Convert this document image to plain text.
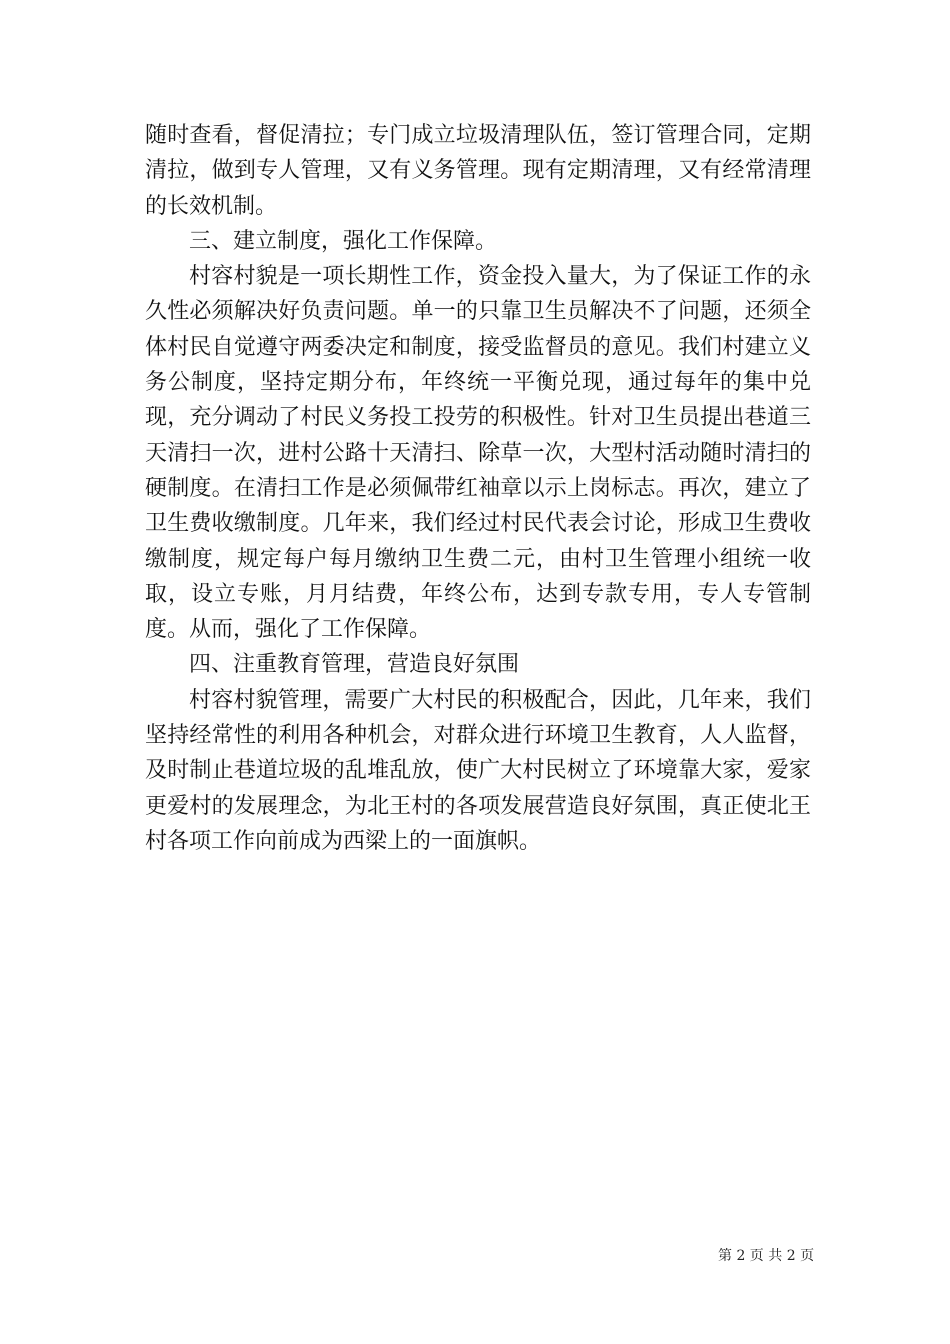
随时查看，督促清拉；专门成立垃圾清理队伍，签订管理合同，定期清拉，做到专人管理，又有义务管理。现有定期清理，又有经常清理的长效机制。

三、建立制度，强化工作保障。

村容村貌是一项长期性工作，资金投入量大，为了保证工作的永久性必须解决好负责问题。单一的只靠卫生员解决不了问题，还须全体村民自觉遵守两委决定和制度，接受监督员的意见。我们村建立义务公制度，坚持定期分布，年终统一平衡兑现，通过每年的集中兑现，充分调动了村民义务投工投劳的积极性。针对卫生员提出巷道三天清扫一次，进村公路十天清扫、除草一次，大型村活动随时清扫的硬制度。在清扫工作是必须佩带红袖章以示上岗标志。再次，建立了卫生费收缴制度。几年来，我们经过村民代表会讨论，形成卫生费收缴制度，规定每户每月缴纳卫生费二元，由村卫生管理小组统一收取，设立专账，月月结费，年终公布，达到专款专用，专人专管制度。从而，强化了工作保障。

四、注重教育管理，营造良好氛围

村容村貌管理，需要广大村民的积极配合，因此，几年来，我们坚持经常性的利用各种机会，对群众进行环境卫生教育，人人监督，及时制止巷道垃圾的乱堆乱放，使广大村民树立了环境靠大家，爱家更爱村的发展理念，为北王村的各项发展营造良好氛围，真正使北王村各项工作向前成为西梁上的一面旗帜。

第 2 页 共 2 页
